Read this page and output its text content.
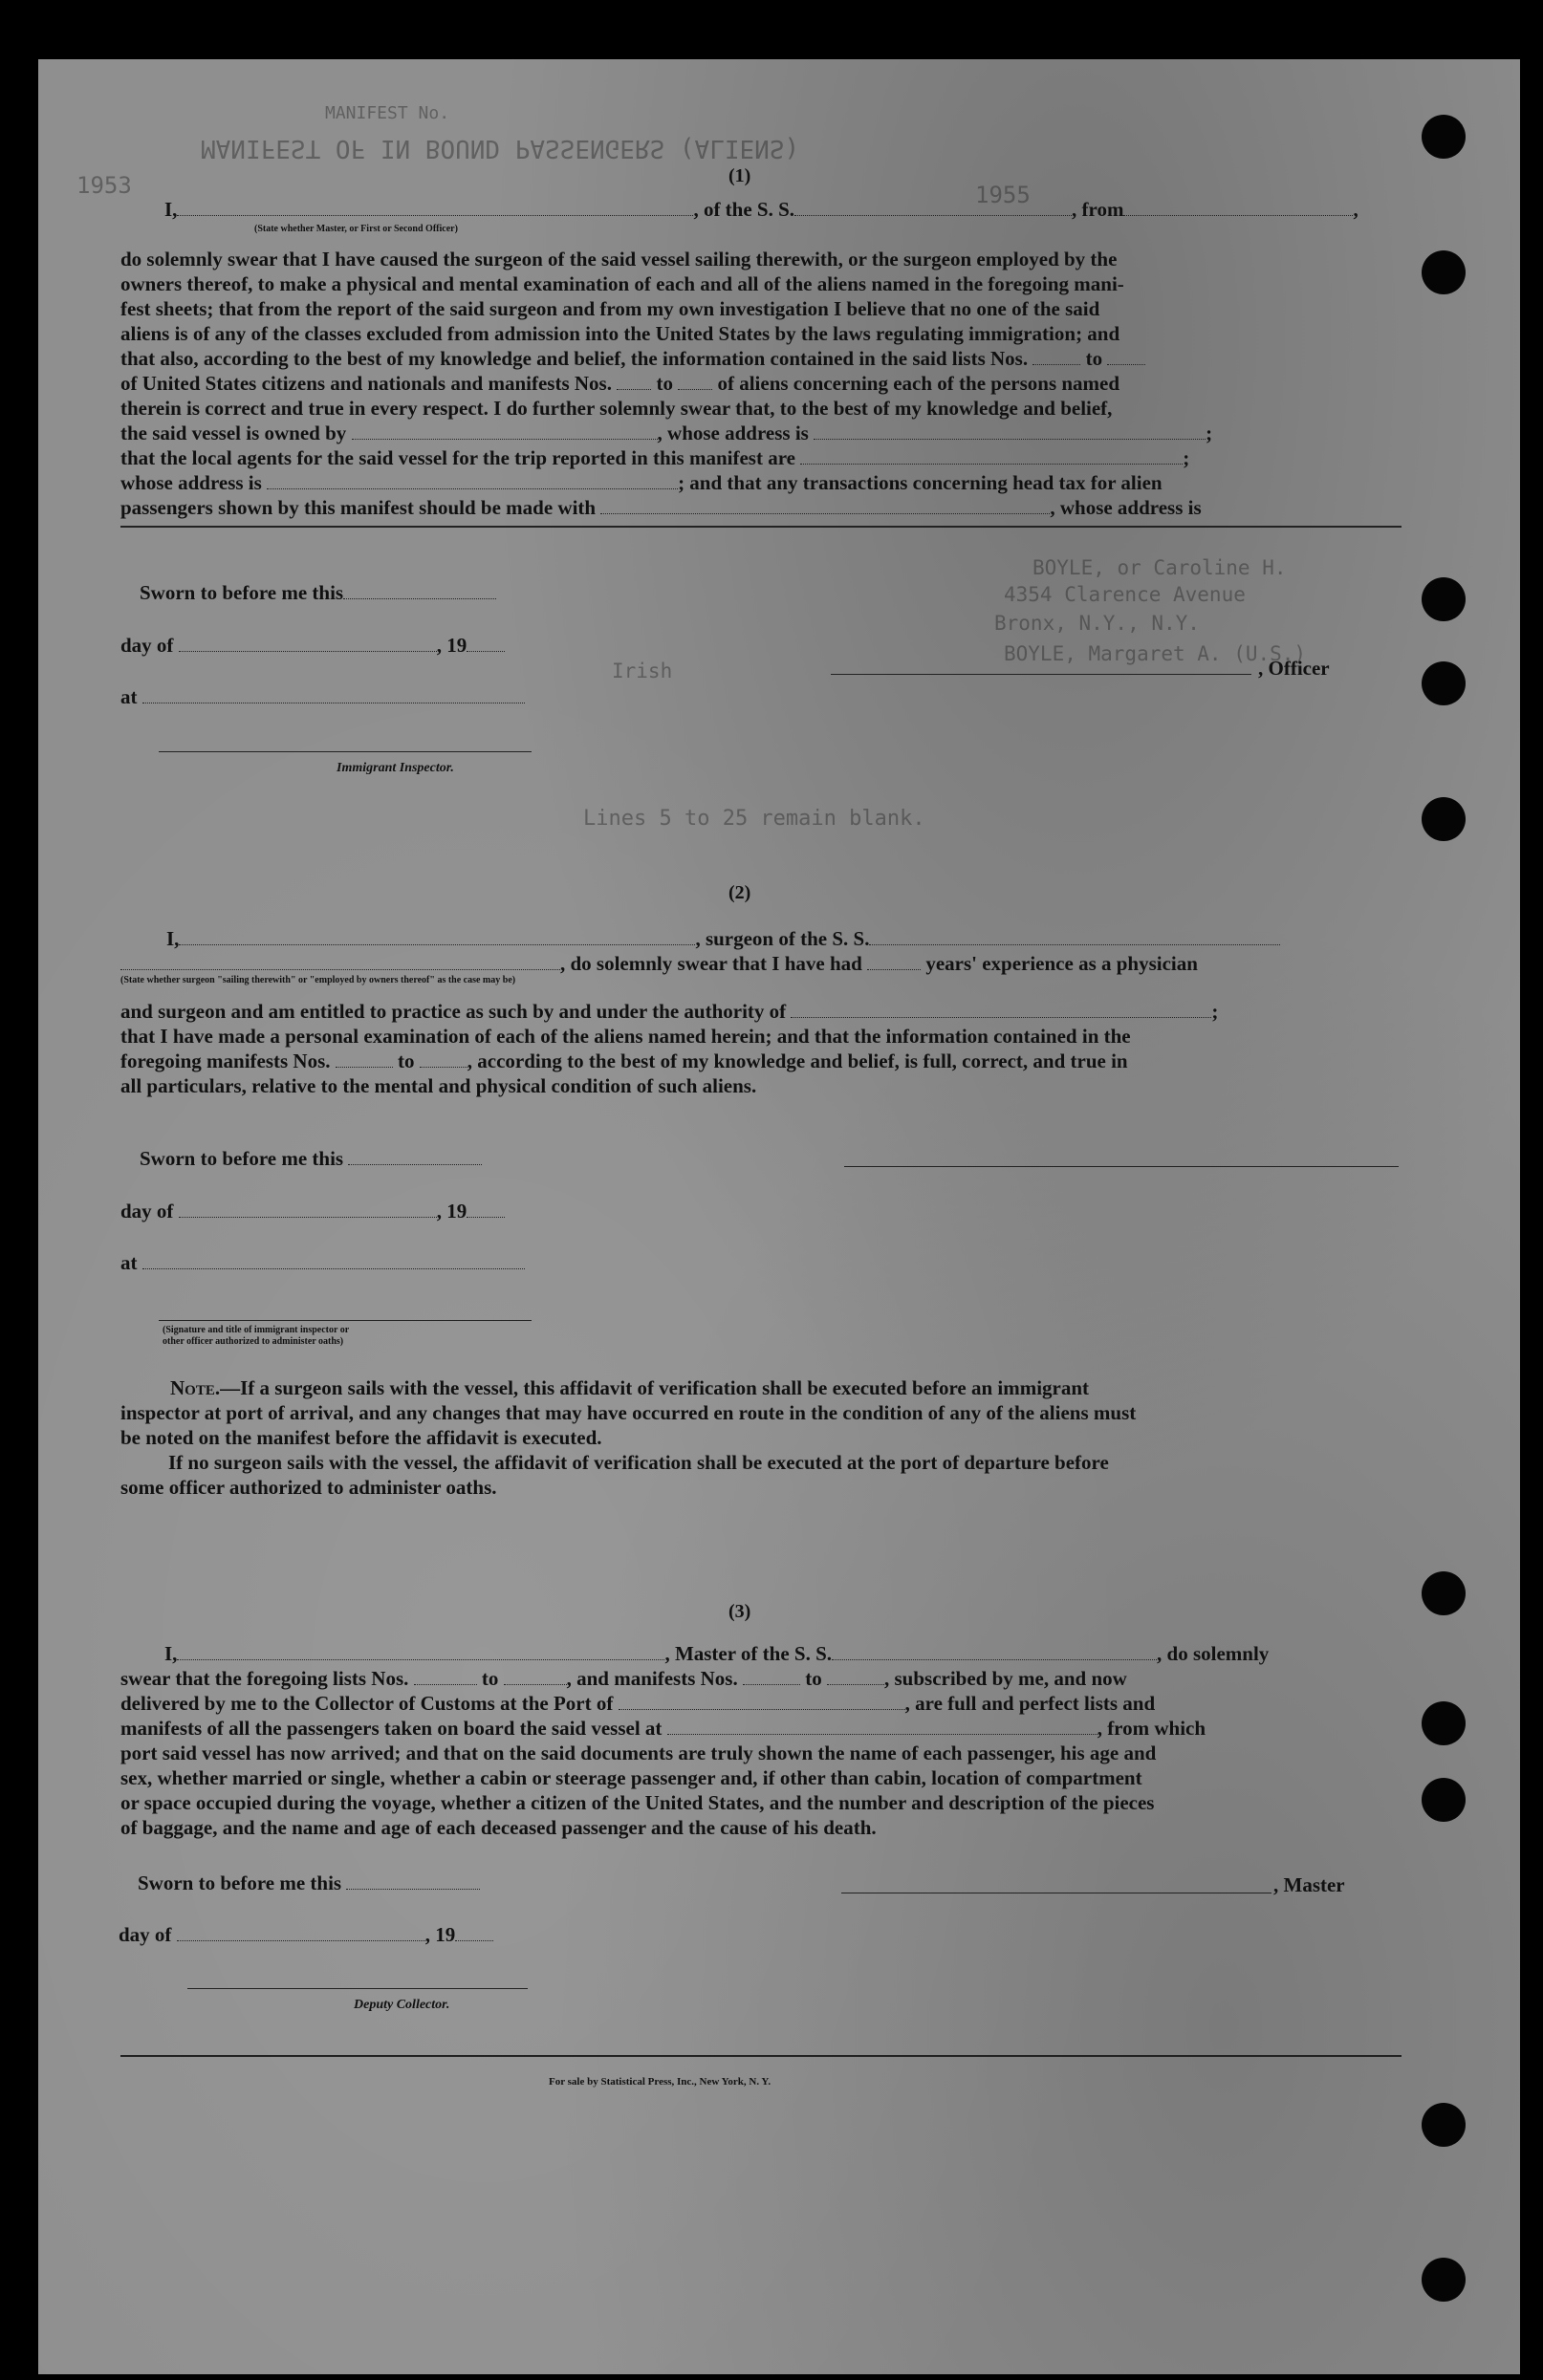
MANIFEST OF IN BOUND PASSENGERS (ALIENS)
MANIFEST No.
1953	1955
BOYLE, or Caroline H.
4354 Clarence Avenue
Bronx, N.Y., N.Y.
BOYLE, Margaret A. (U.S.)
Irish
Lines 5 to 25 remain blank.
(1)
I,	, of the S. S.	, from	,
(State whether Master, or First or Second Officer)
do solemnly swear that I have caused the surgeon of the said vessel sailing therewith, or the surgeon employed by the
owners thereof, to make a physical and mental examination of each and all of the aliens named in the foregoing mani-
fest sheets; that from the report of the said surgeon and from my own investigation I believe that no one of the said
aliens is of any of the classes excluded from admission into the United States by the laws regulating immigration; and
that also, according to the best of my knowledge and belief, the information contained in the said lists Nos.	to
of United States citizens and nationals and manifests Nos. to of aliens concerning each of the persons named
therein is correct and true in every respect. I do further solemnly swear that, to the best of my knowledge and belief,
the said vessel is owned by	, whose address is	;
that the local agents for the said vessel for the trip reported in this manifest are	;
whose address is	; and that any transactions concerning head tax for alien
passengers shown by this manifest should be made with	, whose address is
Sworn to before me this
day of	, 19
at
Immigrant Inspector.
, Officer
(2)
I,	, surgeon of the S. S.
, do solemnly swear that I have had	years' experience as a physician
(State whether surgeon "sailing therewith" or "employed by owners thereof" as the case may be)
and surgeon and am entitled to practice as such by and under the authority of	;
that I have made a personal examination of each of the aliens named herein; and that the information contained in the
foregoing manifests Nos.	to	, according to the best of my knowledge and belief, is full, correct, and true in
all particulars, relative to the mental and physical condition of such aliens.
Sworn to before me this
day of	, 19
at
(Signature and title of immigrant inspector or
other officer authorized to administer oaths)
Note.—If a surgeon sails with the vessel, this affidavit of verification shall be executed before an immigrant
inspector at port of arrival, and any changes that may have occurred en route in the condition of any of the aliens must
be noted on the manifest before the affidavit is executed.
If no surgeon sails with the vessel, the affidavit of verification shall be executed at the port of departure before
some officer authorized to administer oaths.
(3)
I,	, Master of the S. S.	, do solemnly
swear that the foregoing lists Nos.	to	, and manifests Nos.	to	, subscribed by me, and now
delivered by me to the Collector of Customs at the Port of	, are full and perfect lists and
manifests of all the passengers taken on board the said vessel at	, from which
port said vessel has now arrived; and that on the said documents are truly shown the name of each passenger, his age and
sex, whether married or single, whether a cabin or steerage passenger and, if other than cabin, location of compartment
or space occupied during the voyage, whether a citizen of the United States, and the number and description of the pieces
of baggage, and the name and age of each deceased passenger and the cause of his death.
Sworn to before me this	, Master
day of	, 19
Deputy Collector.
For sale by Statistical Press, Inc., New York, N. Y.
